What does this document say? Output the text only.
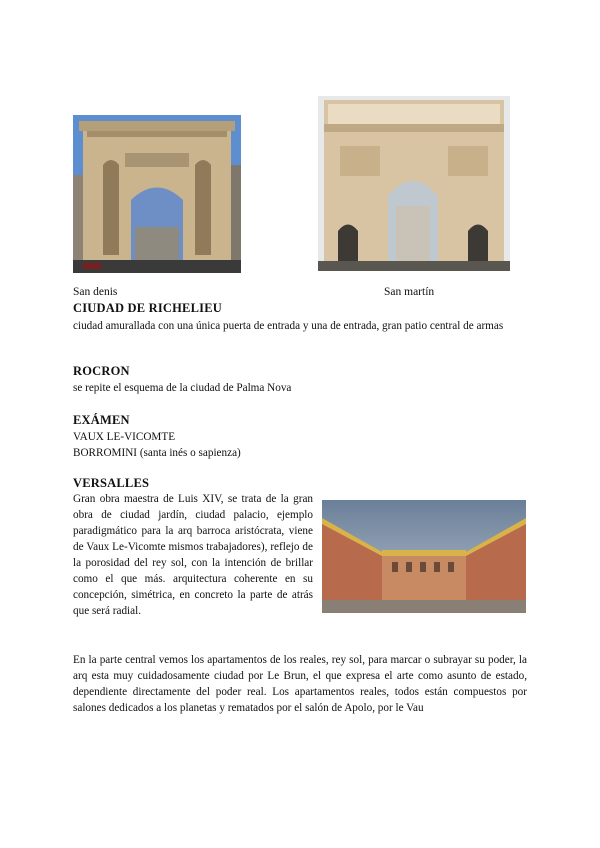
San denis	San martín
CIUDAD DE RICHELIEU
ciudad amurallada con una única puerta de entrada y una de entrada, gran patio central de armas
ROCRON
se repite el esquema de la ciudad de Palma Nova
EXÁMEN
VAUX LE-VICOMTE
BORROMINI (santa inés o sapienza)
VERSALLES
Gran obra maestra de Luis XIV, se trata de la gran obra de ciudad jardín, ciudad palacio, ejemplo paradigmático para la arq barroca aristócrata, viene de Vaux Le-Vicomte mismos trabajadores), reflejo de la porosidad del rey sol, con la intención de brillar como el que más. arquitectura coherente en su concepción, simétrica, en concreto la parte de atrás que será radial.
En la parte central vemos los apartamentos de los reales, rey sol, para marcar o subrayar su poder, la arq esta muy cuidadosamente ciudad por Le Brun, el que expresa el arte como asunto de estado, dependiente directamente del poder real. Los apartamentos reales, todos están compuestos por salones dedicados a los planetas y rematados por el salón de Apolo, por le Vau
